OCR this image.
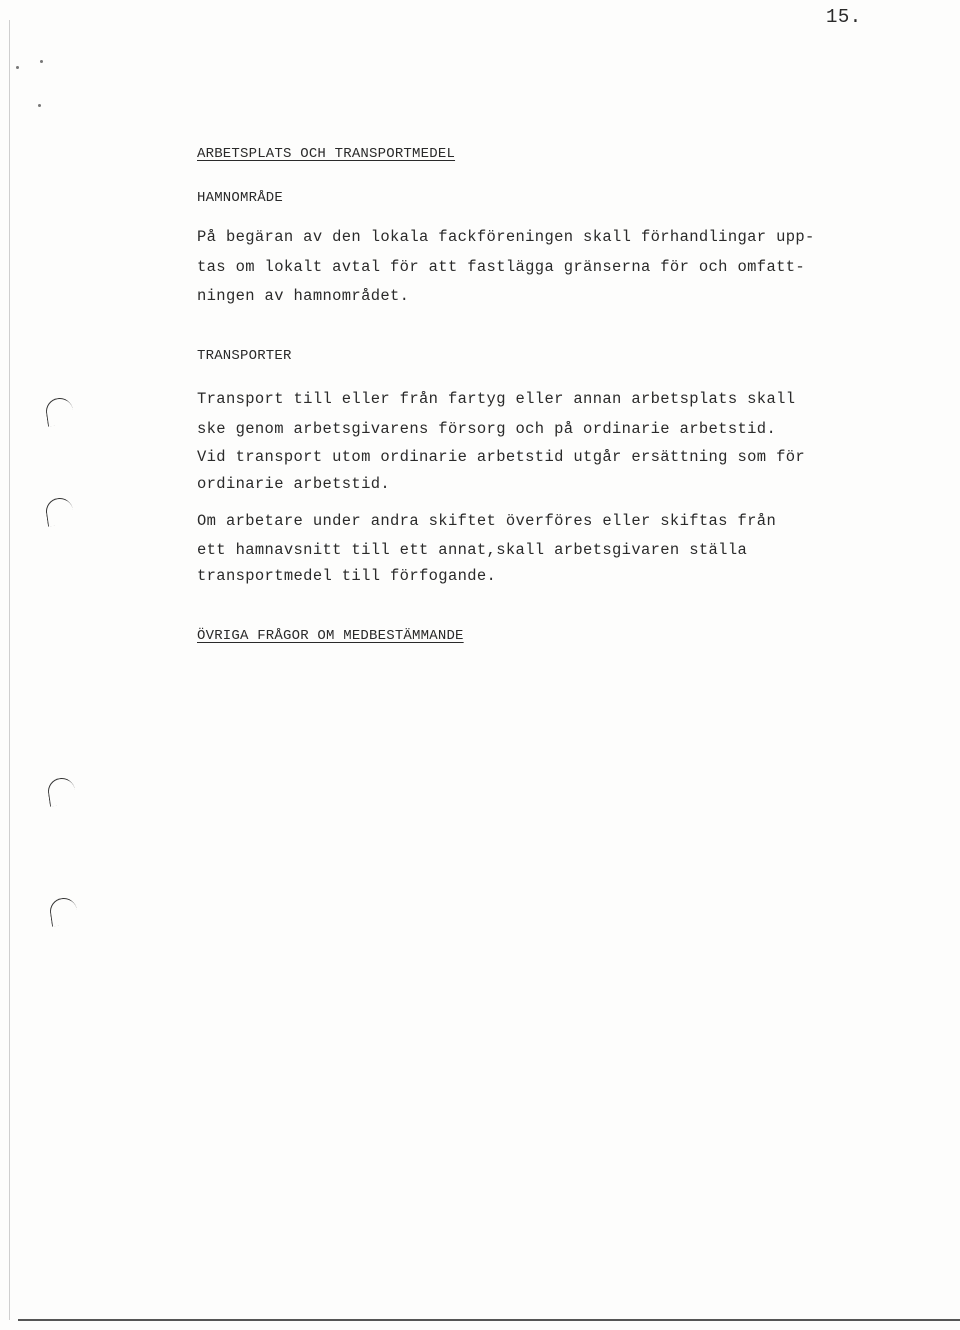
15.
ARBETSPLATS OCH TRANSPORTMEDEL
HAMNOMRÅDE
På begäran av den lokala fackföreningen skall förhandlingar upp-
tas om lokalt avtal för att fastlägga gränserna för och omfatt-
ningen av hamnområdet.
TRANSPORTER
Transport till eller från fartyg eller annan arbetsplats skall
ske genom arbetsgivarens försorg och på ordinarie arbetstid.
Vid transport utom ordinarie arbetstid utgår ersättning som för
ordinarie arbetstid.
Om arbetare under andra skiftet överföres eller skiftas från
ett hamnavsnitt till ett annat,skall arbetsgivaren ställa
transportmedel till förfogande.
ÖVRIGA FRÅGOR OM MEDBESTÄMMANDE
